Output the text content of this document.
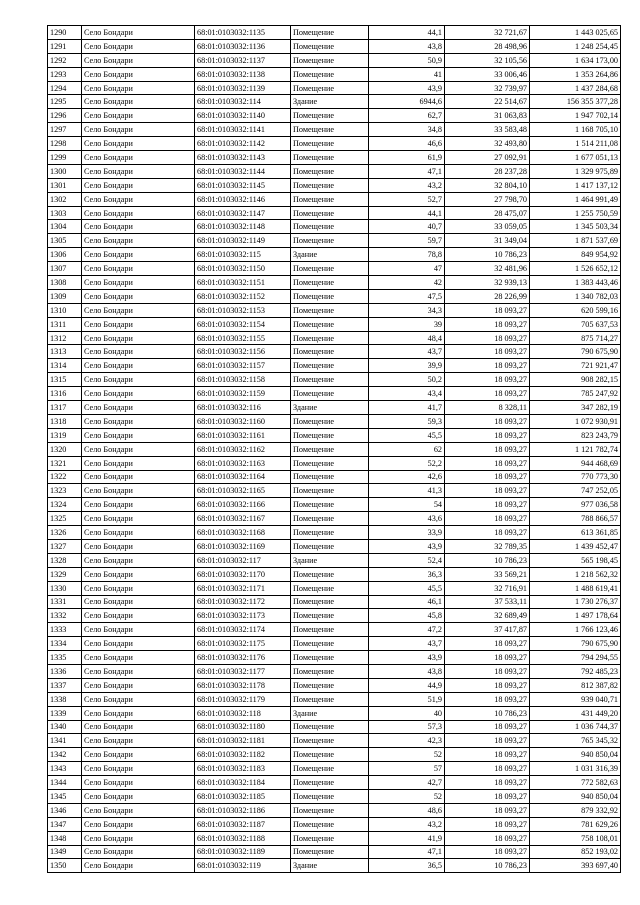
1290	Село Бондари	68:01:0103032:1135	Помещение	44,1	32 721,67	1 443 025,65
1291	Село Бондари	68:01:0103032:1136	Помещение	43,8	28 498,96	1 248 254,45
1292	Село Бондари	68:01:0103032:1137	Помещение	50,9	32 105,56	1 634 173,00
1293	Село Бондари	68:01:0103032:1138	Помещение	41	33 006,46	1 353 264,86
1294	Село Бондари	68:01:0103032:1139	Помещение	43,9	32 739,97	1 437 284,68
1295	Село Бондари	68:01:0103032:114	Здание	6944,6	22 514,67	156 355 377,28
1296	Село Бондари	68:01:0103032:1140	Помещение	62,7	31 063,83	1 947 702,14
1297	Село Бондари	68:01:0103032:1141	Помещение	34,8	33 583,48	1 168 705,10
1298	Село Бондари	68:01:0103032:1142	Помещение	46,6	32 493,80	1 514 211,08
1299	Село Бондари	68:01:0103032:1143	Помещение	61,9	27 092,91	1 677 051,13
1300	Село Бондари	68:01:0103032:1144	Помещение	47,1	28 237,28	1 329 975,89
1301	Село Бондари	68:01:0103032:1145	Помещение	43,2	32 804,10	1 417 137,12
1302	Село Бондари	68:01:0103032:1146	Помещение	52,7	27 798,70	1 464 991,49
1303	Село Бондари	68:01:0103032:1147	Помещение	44,1	28 475,07	1 255 750,59
1304	Село Бондари	68:01:0103032:1148	Помещение	40,7	33 059,05	1 345 503,34
1305	Село Бондари	68:01:0103032:1149	Помещение	59,7	31 349,04	1 871 537,69
1306	Село Бондари	68:01:0103032:115	Здание	78,8	10 786,23	849 954,92
1307	Село Бондари	68:01:0103032:1150	Помещение	47	32 481,96	1 526 652,12
1308	Село Бондари	68:01:0103032:1151	Помещение	42	32 939,13	1 383 443,46
1309	Село Бондари	68:01:0103032:1152	Помещение	47,5	28 226,99	1 340 782,03
1310	Село Бондари	68:01:0103032:1153	Помещение	34,3	18 093,27	620 599,16
1311	Село Бондари	68:01:0103032:1154	Помещение	39	18 093,27	705 637,53
1312	Село Бондари	68:01:0103032:1155	Помещение	48,4	18 093,27	875 714,27
1313	Село Бондари	68:01:0103032:1156	Помещение	43,7	18 093,27	790 675,90
1314	Село Бондари	68:01:0103032:1157	Помещение	39,9	18 093,27	721 921,47
1315	Село Бондари	68:01:0103032:1158	Помещение	50,2	18 093,27	908 282,15
1316	Село Бондари	68:01:0103032:1159	Помещение	43,4	18 093,27	785 247,92
1317	Село Бондари	68:01:0103032:116	Здание	41,7	8 328,11	347 282,19
1318	Село Бондари	68:01:0103032:1160	Помещение	59,3	18 093,27	1 072 930,91
1319	Село Бондари	68:01:0103032:1161	Помещение	45,5	18 093,27	823 243,79
1320	Село Бондари	68:01:0103032:1162	Помещение	62	18 093,27	1 121 782,74
1321	Село Бондари	68:01:0103032:1163	Помещение	52,2	18 093,27	944 468,69
1322	Село Бондари	68:01:0103032:1164	Помещение	42,6	18 093,27	770 773,30
1323	Село Бондари	68:01:0103032:1165	Помещение	41,3	18 093,27	747 252,05
1324	Село Бондари	68:01:0103032:1166	Помещение	54	18 093,27	977 036,58
1325	Село Бондари	68:01:0103032:1167	Помещение	43,6	18 093,27	788 866,57
1326	Село Бондари	68:01:0103032:1168	Помещение	33,9	18 093,27	613 361,85
1327	Село Бондари	68:01:0103032:1169	Помещение	43,9	32 789,35	1 439 452,47
1328	Село Бондари	68:01:0103032:117	Здание	52,4	10 786,23	565 198,45
1329	Село Бондари	68:01:0103032:1170	Помещение	36,3	33 569,21	1 218 562,32
1330	Село Бондари	68:01:0103032:1171	Помещение	45,5	32 716,91	1 488 619,41
1331	Село Бондари	68:01:0103032:1172	Помещение	46,1	37 533,11	1 730 276,37
1332	Село Бондари	68:01:0103032:1173	Помещение	45,8	32 689,49	1 497 178,64
1333	Село Бондари	68:01:0103032:1174	Помещение	47,2	37 417,87	1 766 123,46
1334	Село Бондари	68:01:0103032:1175	Помещение	43,7	18 093,27	790 675,90
1335	Село Бондари	68:01:0103032:1176	Помещение	43,9	18 093,27	794 294,55
1336	Село Бондари	68:01:0103032:1177	Помещение	43,8	18 093,27	792 485,23
1337	Село Бондари	68:01:0103032:1178	Помещение	44,9	18 093,27	812 387,82
1338	Село Бондари	68:01:0103032:1179	Помещение	51,9	18 093,27	939 040,71
1339	Село Бондари	68:01:0103032:118	Здание	40	10 786,23	431 449,20
1340	Село Бондари	68:01:0103032:1180	Помещение	57,3	18 093,27	1 036 744,37
1341	Село Бондари	68:01:0103032:1181	Помещение	42,3	18 093,27	765 345,32
1342	Село Бондари	68:01:0103032:1182	Помещение	52	18 093,27	940 850,04
1343	Село Бондари	68:01:0103032:1183	Помещение	57	18 093,27	1 031 316,39
1344	Село Бондари	68:01:0103032:1184	Помещение	42,7	18 093,27	772 582,63
1345	Село Бондари	68:01:0103032:1185	Помещение	52	18 093,27	940 850,04
1346	Село Бондари	68:01:0103032:1186	Помещение	48,6	18 093,27	879 332,92
1347	Село Бондари	68:01:0103032:1187	Помещение	43,2	18 093,27	781 629,26
1348	Село Бондари	68:01:0103032:1188	Помещение	41,9	18 093,27	758 108,01
1349	Село Бондари	68:01:0103032:1189	Помещение	47,1	18 093,27	852 193,02
1350	Село Бондари	68:01:0103032:119	Здание	36,5	10 786,23	393 697,40
